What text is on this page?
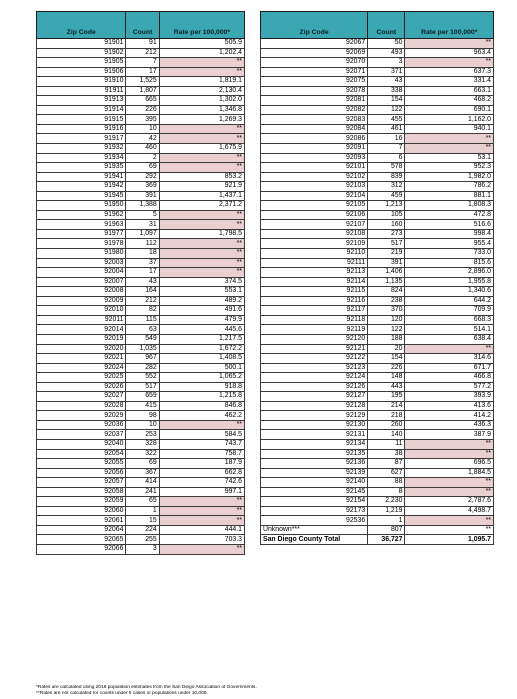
Zip Code	Count	Rate per 100,000*
91901	91	505.9
91902	212	1,202.4
91905	7	**
91906	17	**
91910	1,525	1,819.1
91911	1,807	2,130.4
91913	665	1,302.0
91914	226	1,346.8
91915	395	1,269.3
91916	10	**
91917	42	**
91932	460	1,675.9
91934	2	**
91935	69	**
91941	292	853.2
91942	369	921.9
91945	391	1,437.1
91950	1,388	2,371.2
91962	5	**
91963	31	**
91977	1,097	1,798.5
91978	112	**
91980	18	**
92003	37	**
92004	17	**
92007	43	374.5
92008	164	553.1
92009	212	489.2
92010	82	491.6
92011	115	479.9
92014	63	445.6
92019	549	1,217.5
92020	1,035	1,672.2
92021	967	1,408.5
92024	282	500.1
92025	552	1,065.2
92026	517	918.8
92027	659	1,215.8
92028	415	846.8
92029	98	462.2
92036	10	**
92037	253	584.5
92040	328	743.7
92054	322	758.7
92055	69	187.9
92056	367	662.8
92057	414	742.6
92058	241	997.1
92059	65	**
92060	1	**
92061	15	**
92064	224	444.1
92065	255	703.3
92066	3	**
Zip Code	Count	Rate per 100,000*
92067	50	**
92069	493	963.4
92070	3	**
92071	371	637.3
92075	43	331.4
92078	338	663.1
92081	154	468.2
92082	122	690.1
92083	455	1,162.0
92084	461	940.1
92086	16	**
92091	7	**
92093	6	53.1
92101	578	952.3
92102	839	1,982.0
92103	312	786.2
92104	459	881.1
92105	1,213	1,808.3
92106	105	472.8
92107	160	516.6
92108	273	998.4
92109	517	955.4
92110	219	733.0
92111	391	815.6
92113	1,406	2,896.0
92114	1,135	1,955.8
92115	824	1,340.6
92116	238	644.2
92117	370	709.9
92118	120	668.3
92119	122	514.1
92120	188	638.4
92121	20	**
92122	154	314.6
92123	226	671.7
92124	148	466.8
92126	443	577.2
92127	195	393.9
92128	214	413.6
92129	218	414.2
92130	260	436.3
92131	140	387.9
92134	11	**
92135	38	**
92136	87	696.5
92139	627	1,884.5
92140	88	**
92145	8	**
92154	2,230	2,787.6
92173	1,219	4,498.7
92536	1	**
Unknown***	807	**
San Diego County Total	36,727	1,095.7
*Rates are calculated using 2019 population estimates from the San Diego Association of Governments.
**Rates are not calculated for counts under 5 cases or populations under 10,000.
